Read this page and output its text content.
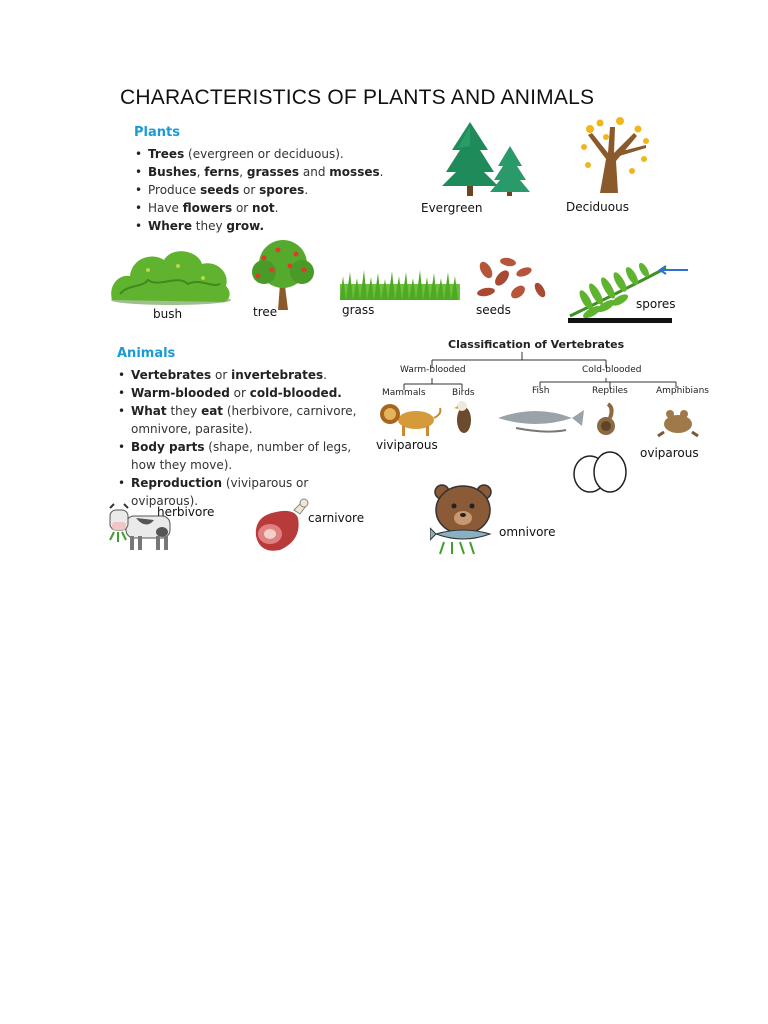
CHARACTERISTICS OF PLANTS AND ANIMALS
Plants
• Trees (evergreen or deciduous).
• Bushes, ferns, grasses and mosses.
• Produce seeds or spores.
• Have flowers or not.
• Where they grow.
Evergreen	Deciduous
bush	tree	grass	seeds	spores
Animals
• Vertebrates or invertebrates.
• Warm-blooded or cold-blooded.
• What they eat (herbivore, carnivore, omnivore, parasite).
• Body parts (shape, number of legs, how they move).
• Reproduction (viviparous or oviparous).
Classification of Vertebrates
Warm-blooded	Cold-blooded
Mammals	Birds	Fish	Reptiles	Amphibians
viviparous
oviparous
herbivore	carnivore
omnivore
